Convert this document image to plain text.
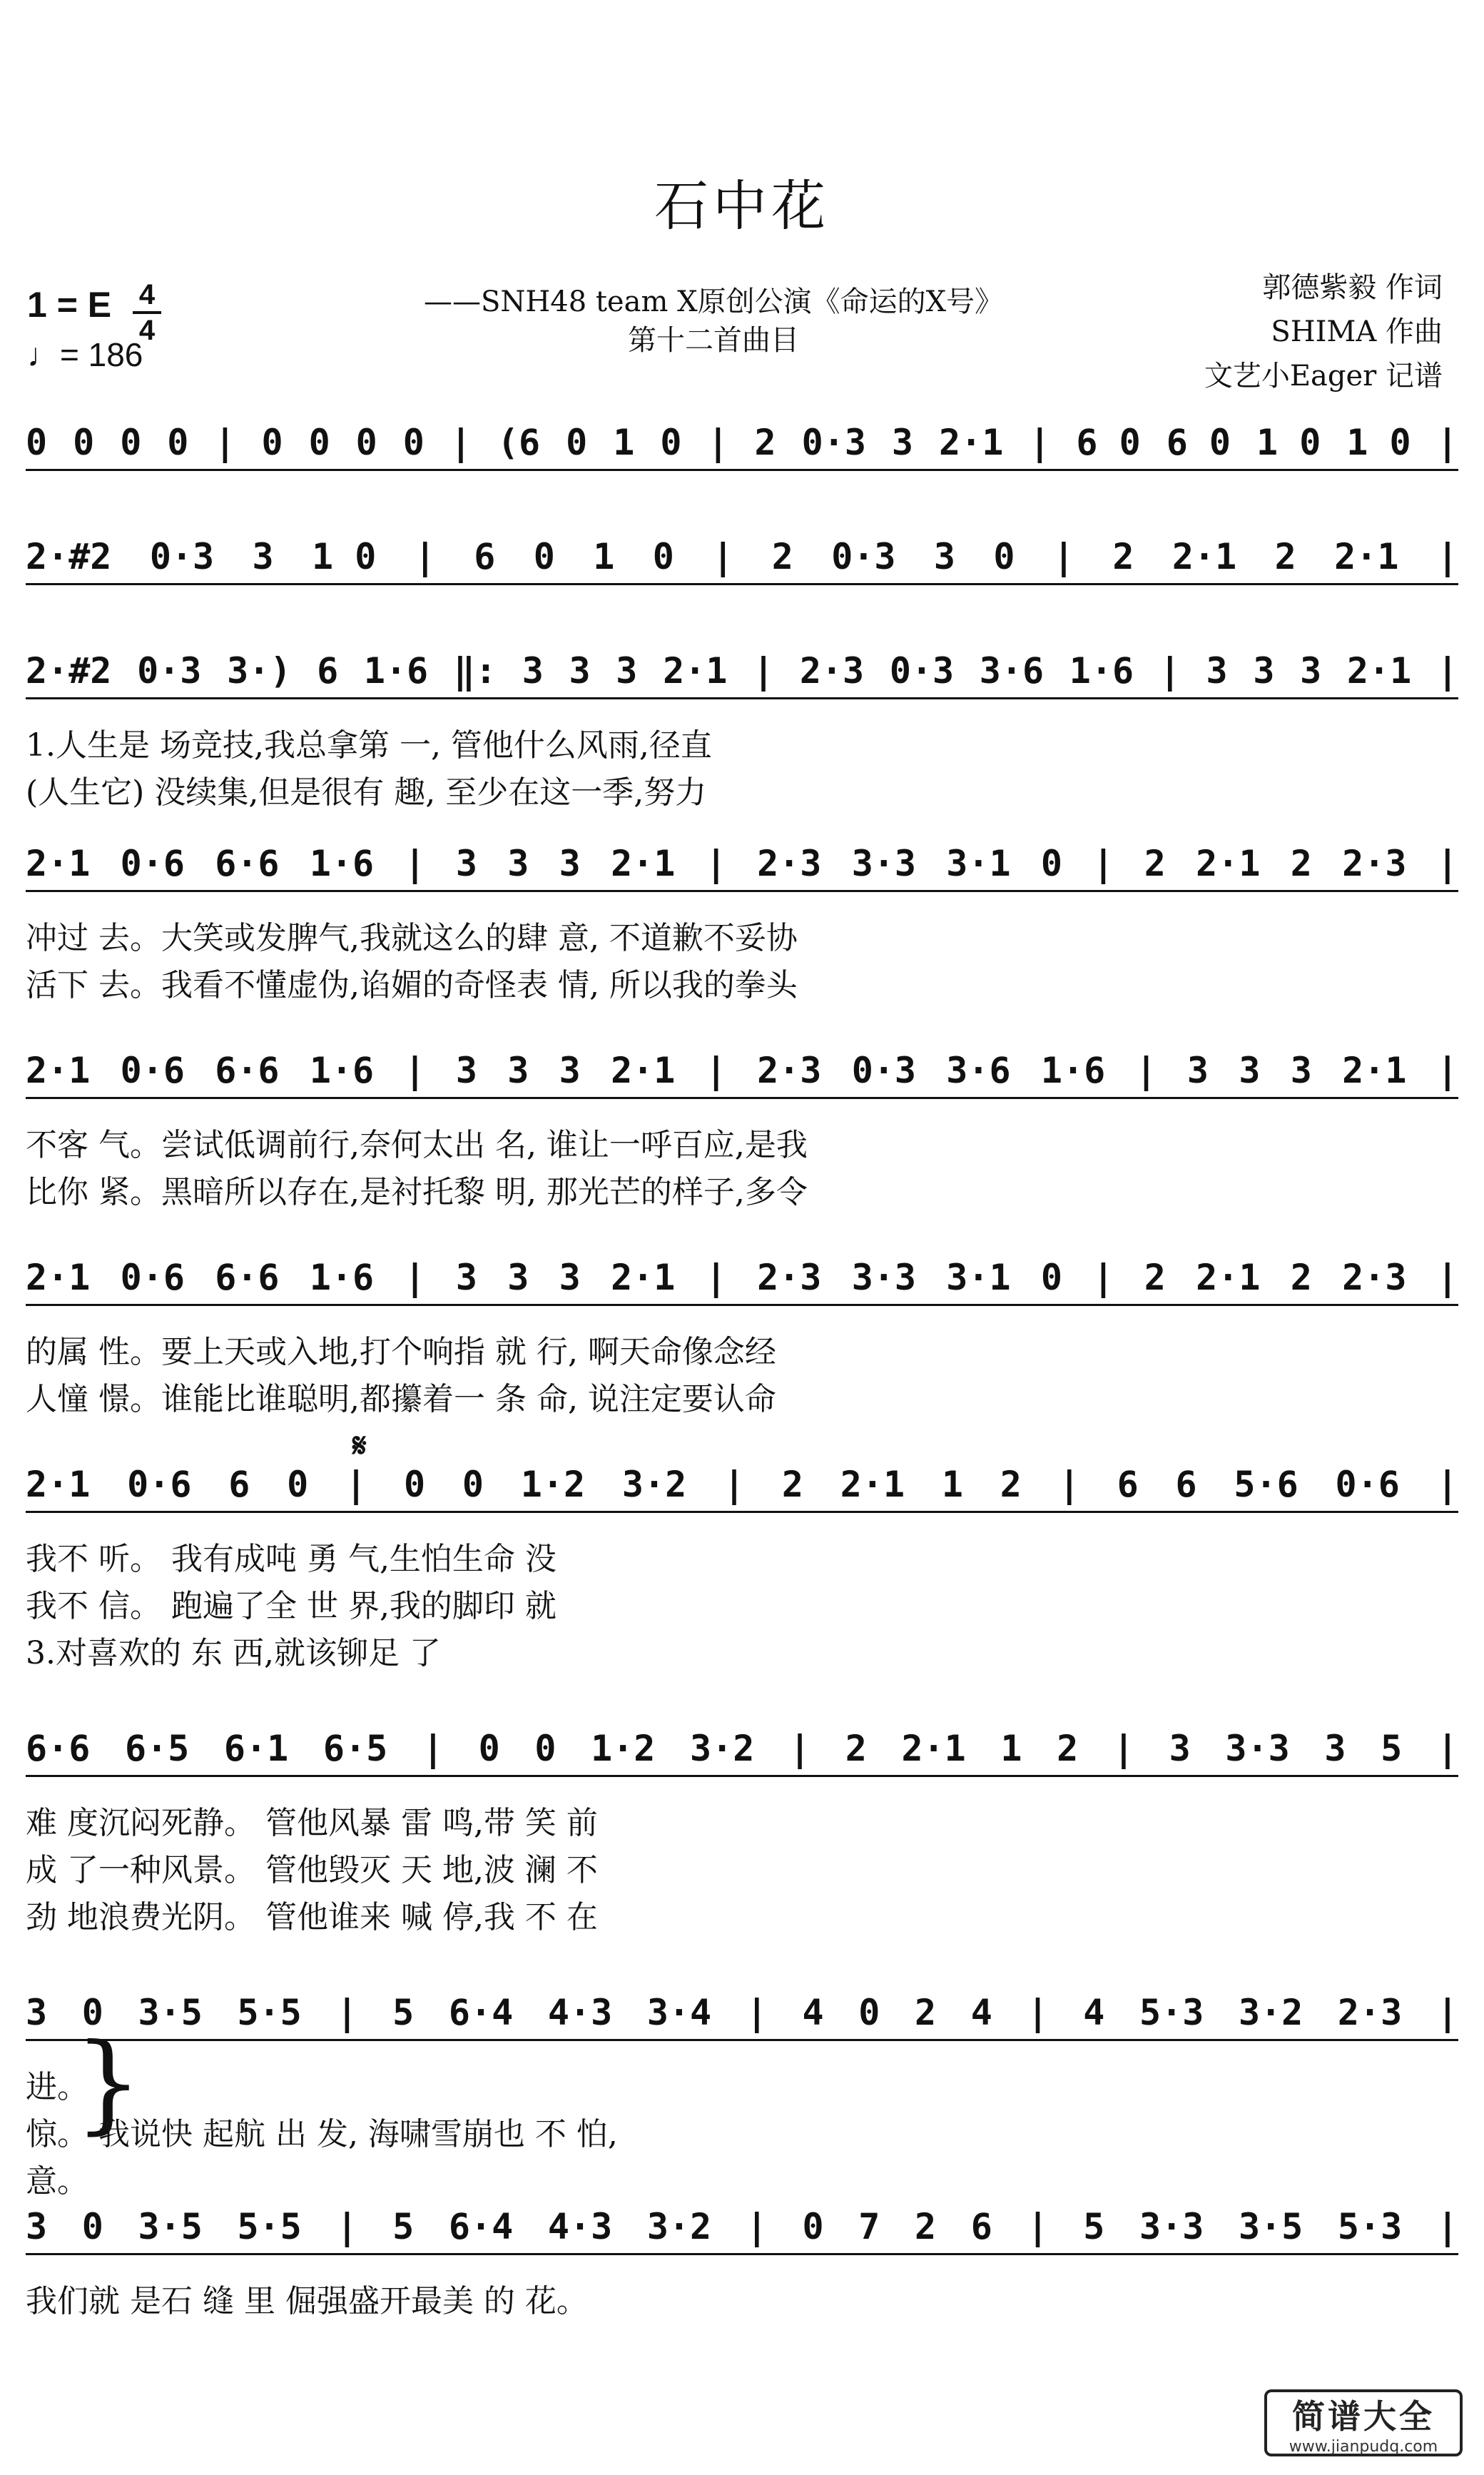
石中花
1 = E 4
4
♩= 186
——SNH48 team X原创公演《命运的X号》
第十二首曲目
郭德紫毅 作词
SHIMA 作曲
文艺小Eager 记谱
0 0 0 0 | 0 0 0 0 | (6 0 1 0 | 2 0·3 3 2·1 | 6 0 6 0 1 0 1 0 |
2·#2 0·3 3 1 0 | 6 0 1 0 | 2 0·3 3 0 | 2 2·1 2 2·1 |
2·#2 0·3 3·) 6 1·6 ‖: 3 3 3 2·1 | 2·3 0·3 3·6 1·6 | 3 3 3 2·1 |
1.人生是 场竞技,我总拿第 一, 管他什么风雨,径直
(人生它) 没续集,但是很有 趣, 至少在这一季,努力
2·1 0·6 6·6 1·6 | 3 3 3 2·1 | 2·3 3·3 3·1 0 | 2 2·1 2 2·3 |
冲过 去。大笑或发脾气,我就这么的肆 意, 不道歉不妥协
活下 去。我看不懂虚伪,谄媚的奇怪表 情, 所以我的拳头
2·1 0·6 6·6 1·6 | 3 3 3 2·1 | 2·3 0·3 3·6 1·6 | 3 3 3 2·1 |
不客 气。尝试低调前行,奈何太出 名, 谁让一呼百应,是我
比你 紧。黑暗所以存在,是衬托黎 明, 那光芒的样子,多令
2·1 0·6 6·6 1·6 | 3 3 3 2·1 | 2·3 3·3 3·1 0 | 2 2·1 2 2·3 |
的属 性。要上天或入地,打个响指 就 行, 啊天命像念经
人憧 憬。谁能比谁聪明,都攥着一 条 命, 说注定要认命
2·1 0·6 6 0 | 0 0 1·2 3·2 | 2 2·1 1 2 | 6 6 5·6 0·6 |
我不 听。 我有成吨 勇 气,生怕生命 没
我不 信。 跑遍了全 世 界,我的脚印 就
3.对喜欢的 东 西,就该铆足 了
6·6 6·5 6·1 6·5 | 0 0 1·2 3·2 | 2 2·1 1 2 | 3 3·3 3 5 |
难 度沉闷死静。 管他风暴 雷 鸣,带 笑 前
成 了一种风景。 管他毁灭 天 地,波 澜 不
劲 地浪费光阴。 管他谁来 喊 停,我 不 在
3 0 3·5 5·5 | 5 6·4 4·3 3·4 | 4 0 2 4 | 4 5·3 3·2 2·3 |
进。
惊。 我说快 起航 出 发, 海啸雪崩也 不 怕,
意。
3 0 3·5 5·5 | 5 6·4 4·3 3·2 | 0 7 2 6 | 5 3·3 3·5 5·3 |
我们就 是石 缝 里 倔强盛开最美 的 花。
𝄋
}
简谱大全
www.jianpudq.com
